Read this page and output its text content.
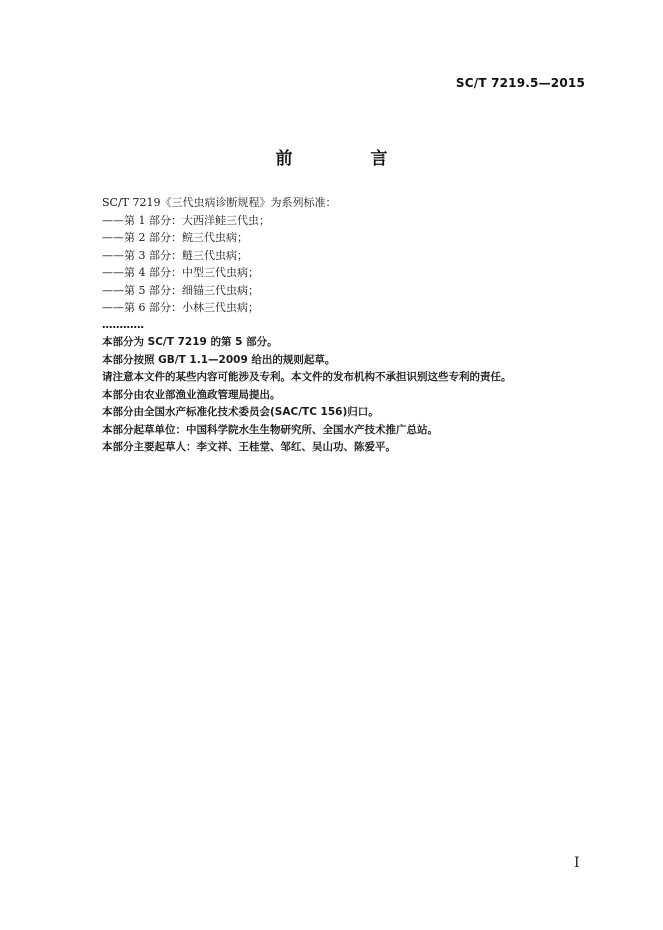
SC/T 7219.5—2015
前 言

SC/T 7219《三代虫病诊断规程》为系列标准：

——第 1 部分：大西洋鲑三代虫；

——第 2 部分：鲩三代虫病；

——第 3 部分：鲢三代虫病；

——第 4 部分：中型三代虫病；

——第 5 部分：细锚三代虫病；

——第 6 部分：小林三代虫病；

…………

本部分为 SC/T 7219 的第 5 部分。

本部分按照 GB/T 1.1—2009 给出的规则起草。

请注意本文件的某些内容可能涉及专利。本文件的发布机构不承担识别这些专利的责任。

本部分由农业部渔业渔政管理局提出。

本部分由全国水产标准化技术委员会(SAC/TC 156)归口。

本部分起草单位：中国科学院水生生物研究所、全国水产技术推广总站。

本部分主要起草人：李文祥、王桂堂、邹红、吴山功、陈爱平。

I
